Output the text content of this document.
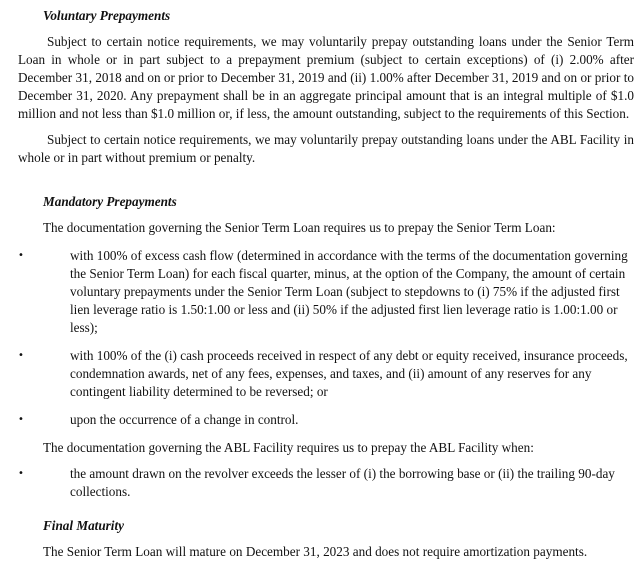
Voluntary Prepayments

Subject to certain notice requirements, we may voluntarily prepay outstanding loans under the Senior Term Loan in whole or in part subject to a prepayment premium (subject to certain exceptions) of (i) 2.00% after December 31, 2018 and on or prior to December 31, 2019 and (ii) 1.00% after December 31, 2019 and on or prior to December 31, 2020. Any prepayment shall be in an aggregate principal amount that is an integral multiple of $1.0 million and not less than $1.0 million or, if less, the amount outstanding, subject to the requirements of this Section.

Subject to certain notice requirements, we may voluntarily prepay outstanding loans under the ABL Facility in whole or in part without premium or penalty.

Mandatory Prepayments

The documentation governing the Senior Term Loan requires us to prepay the Senior Term Loan:

•	with 100% of excess cash flow (determined in accordance with the terms of the documentation governing the Senior Term Loan) for each fiscal quarter, minus, at the option of the Company, the amount of certain voluntary prepayments under the Senior Term Loan (subject to stepdowns to (i) 75% if the adjusted first lien leverage ratio is 1.50:1.00 or less and (ii) 50% if the adjusted first lien leverage ratio is 1.00:1.00 or less);
•	with 100% of the (i) cash proceeds received in respect of any debt or equity received, insurance proceeds, condemnation awards, net of any fees, expenses, and taxes, and (ii) amount of any reserves for any contingent liability determined to be reversed; or
•	upon the occurrence of a change in control.

The documentation governing the ABL Facility requires us to prepay the ABL Facility when:

•	the amount drawn on the revolver exceeds the lesser of (i) the borrowing base or (ii) the trailing 90-day collections.
Final Maturity

The Senior Term Loan will mature on December 31, 2023 and does not require amortization payments.
